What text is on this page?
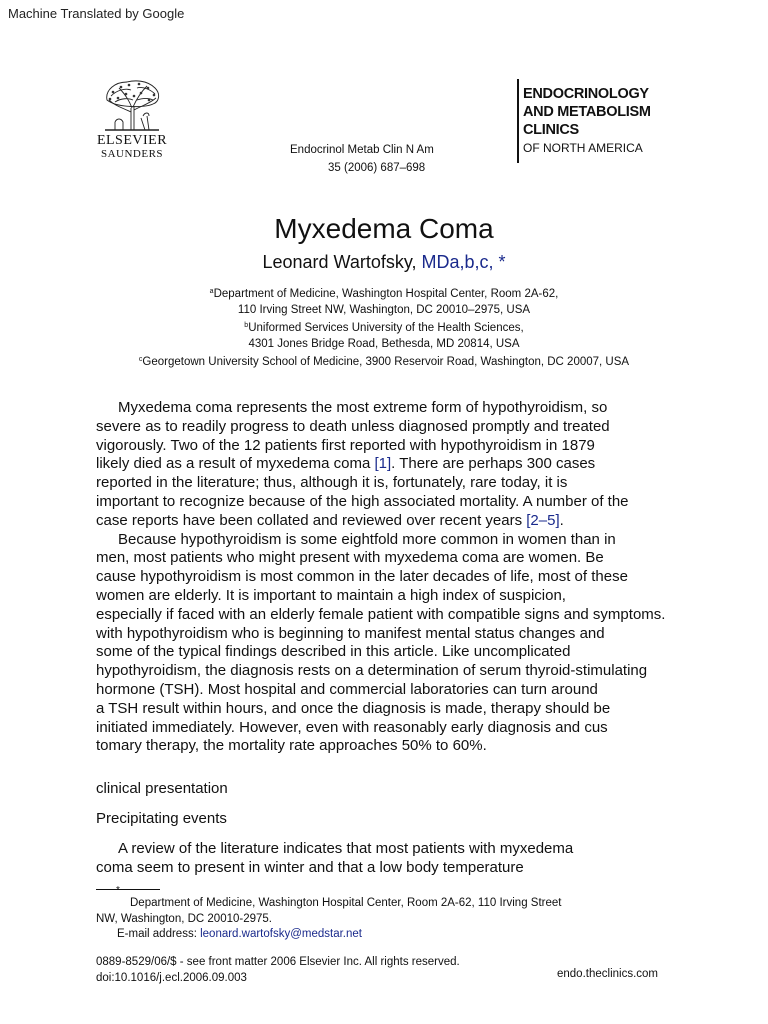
Machine Translated by Google
ELSEVIER
SAUNDERS	Endocrinol Metab Clin N Am
35 (2006) 687–698
ENDOCRINOLOGY
AND METABOLISM
CLINICS
OF NORTH AMERICA
Myxedema Coma
Leonard Wartofsky, MDa,b,c, *
$^a$Department of Medicine, Washington Hospital Center, Room 2A-62,
110 Irving Street NW, Washington, DC 20010–2975, USA
$^b$Uniformed Services University of the Health Sciences,
4301 Jones Bridge Road, Bethesda, MD 20814, USA
$^c$Georgetown University School of Medicine, 3900 Reservoir Road, Washington, DC 20007, USA
Myxedema coma represents the most extreme form of hypothyroidism, so
severe as to readily progress to death unless diagnosed promptly and treated
vigorously. Two of the 12 patients first reported with hypothyroidism in 1879
likely died as a result of myxedema coma [1]. There are perhaps 300 cases
reported in the literature; thus, although it is, fortunately, rare today, it is
important to recognize because of the high associated mortality. A number of the
case reports have been collated and reviewed over recent years [2–5].
Because hypothyroidism is some eightfold more common in women than in
men, most patients who might present with myxedema coma are women. Be
cause hypothyroidism is most common in the later decades of life, most of these
women are elderly. It is important to maintain a high index of suspicion,
especially if faced with an elderly female patient with compatible signs and symptoms.
with hypothyroidism who is beginning to manifest mental status changes and
some of the typical findings described in this article. Like uncomplicated
hypothyroidism, the diagnosis rests on a determination of serum thyroid-stimulating
hormone (TSH). Most hospital and commercial laboratories can turn around
a TSH result within hours, and once the diagnosis is made, therapy should be
initiated immediately. However, even with reasonably early diagnosis and cus
tomary therapy, the mortality rate approaches 50% to 60%.
clinical presentation
Precipitating events
A review of the literature indicates that most patients with myxedema
coma seem to present in winter and that a low body temperature
*
Department of Medicine, Washington Hospital Center, Room 2A-62, 110 Irving Street
NW, Washington, DC 20010-2975.
E-mail address: leonard.wartofsky@medstar.net
0889-8529/06/$ - see front matter 2006 Elsevier Inc. All rights reserved.
doi:10.1016/j.ecl.2006.09.003	endo.theclinics.com
